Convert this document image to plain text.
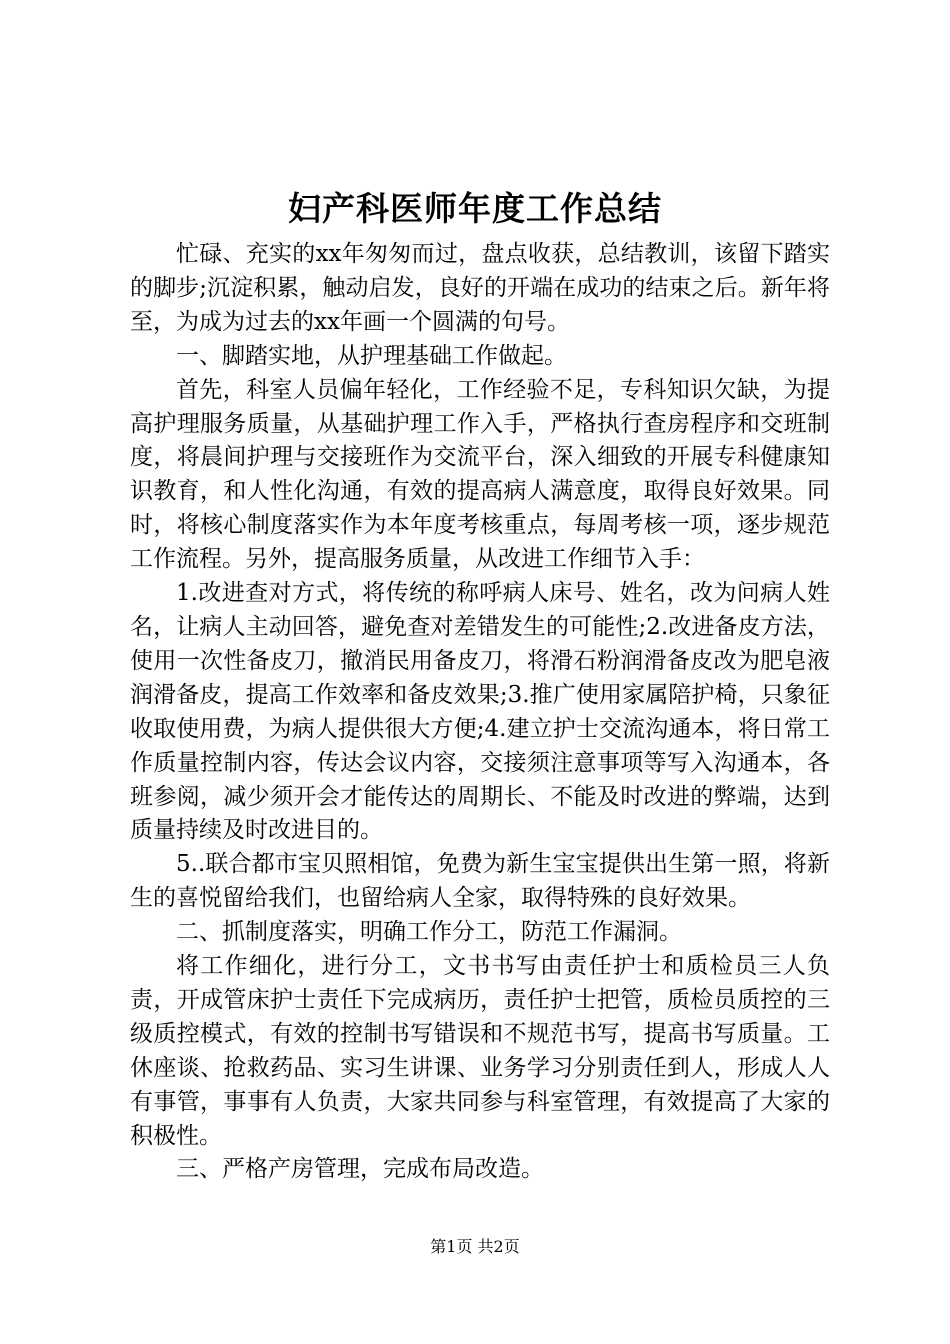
妇产科医师年度工作总结

忙碌、充实的xx年匆匆而过，盘点收获，总结教训，该留下踏实的脚步;沉淀积累，触动启发，良好的开端在成功的结束之后。新年将至，为成为过去的xx年画一个圆满的句号。

一、脚踏实地，从护理基础工作做起。

首先，科室人员偏年轻化，工作经验不足，专科知识欠缺，为提高护理服务质量，从基础护理工作入手，严格执行查房程序和交班制度，将晨间护理与交接班作为交流平台，深入细致的开展专科健康知识教育，和人性化沟通，有效的提高病人满意度，取得良好效果。同时，将核心制度落实作为本年度考核重点，每周考核一项，逐步规范工作流程。另外，提高服务质量，从改进工作细节入手：

1.改进查对方式，将传统的称呼病人床号、姓名，改为问病人姓名，让病人主动回答，避免查对差错发生的可能性;2.改进备皮方法，使用一次性备皮刀，撤消民用备皮刀，将滑石粉润滑备皮改为肥皂液润滑备皮，提高工作效率和备皮效果;3.推广使用家属陪护椅，只象征收取使用费，为病人提供很大方便;4.建立护士交流沟通本，将日常工作质量控制内容，传达会议内容，交接须注意事项等写入沟通本，各班参阅，减少须开会才能传达的周期长、不能及时改进的弊端，达到质量持续及时改进目的。

5..联合都市宝贝照相馆，免费为新生宝宝提供出生第一照，将新生的喜悦留给我们，也留给病人全家，取得特殊的良好效果。

二、抓制度落实，明确工作分工，防范工作漏洞。

将工作细化，进行分工，文书书写由责任护士和质检员三人负责，开成管床护士责任下完成病历，责任护士把管，质检员质控的三级质控模式，有效的控制书写错误和不规范书写，提高书写质量。工休座谈、抢救药品、实习生讲课、业务学习分别责任到人，形成人人有事管，事事有人负责，大家共同参与科室管理，有效提高了大家的积极性。

三、严格产房管理，完成布局改造。

第1页 共2页
